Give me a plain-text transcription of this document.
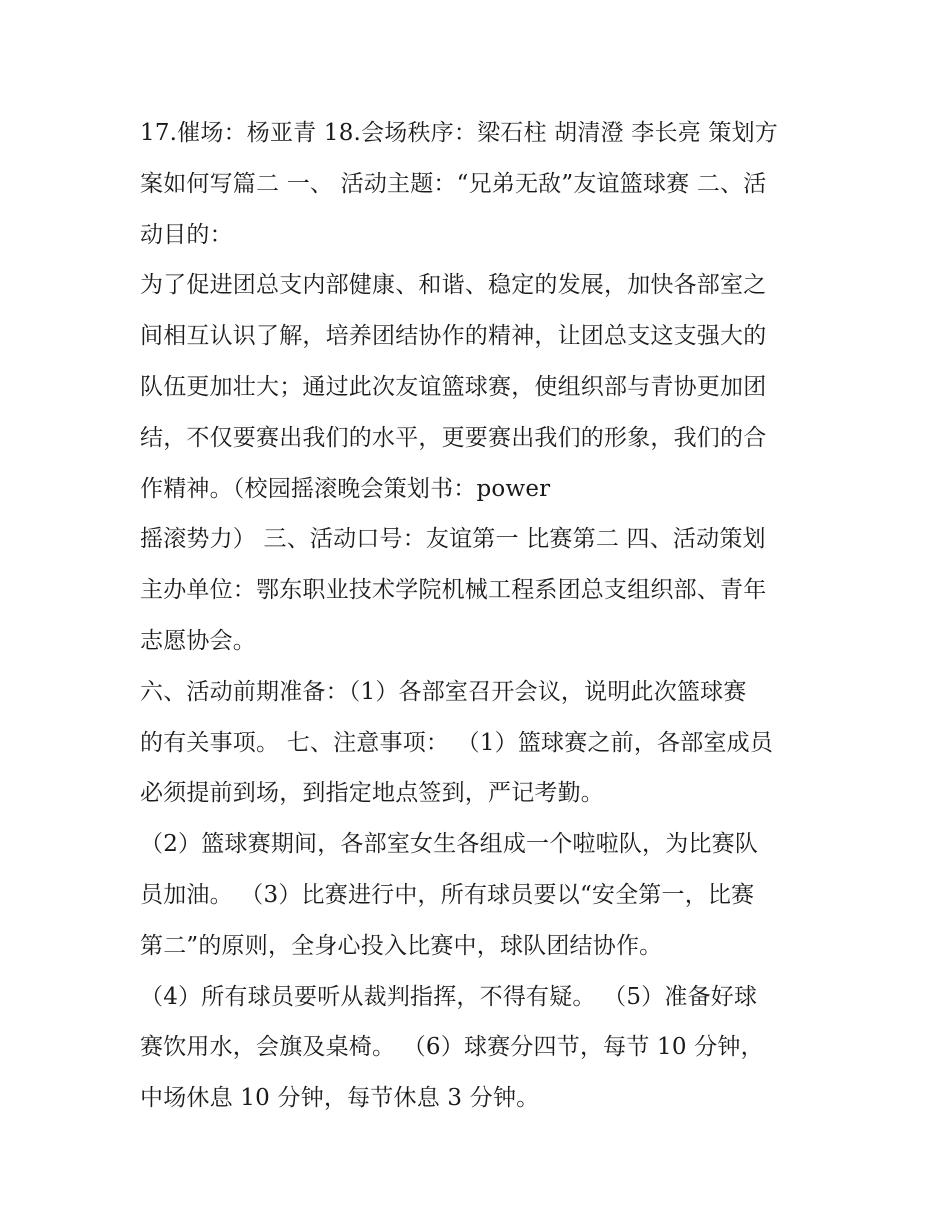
17.催场：杨亚青 18.会场秩序：梁石柱 胡清澄 李长亮 策划方
案如何写篇二 一、 活动主题：“兄弟无敌”友谊篮球赛 二、活
动目的：
为了促进团总支内部健康、和谐、稳定的发展，加快各部室之
间相互认识了解，培养团结协作的精神，让团总支这支强大的
队伍更加壮大；通过此次友谊篮球赛，使组织部与青协更加团
结，不仅要赛出我们的水平，更要赛出我们的形象，我们的合
作精神。（校园摇滚晚会策划书：power
摇滚势力） 三、活动口号：友谊第一 比赛第二 四、活动策划
主办单位：鄂东职业技术学院机械工程系团总支组织部、青年
志愿协会。
六、活动前期准备：（1）各部室召开会议，说明此次篮球赛
的有关事项。 七、注意事项： （1）篮球赛之前，各部室成员
必须提前到场，到指定地点签到，严记考勤。
（2）篮球赛期间，各部室女生各组成一个啦啦队，为比赛队
员加油。 （3）比赛进行中，所有球员要以“安全第一，比赛
第二”的原则，全身心投入比赛中，球队团结协作。
（4）所有球员要听从裁判指挥，不得有疑。 （5）准备好球
赛饮用水，会旗及桌椅。 （6）球赛分四节，每节 10 分钟，
中场休息 10 分钟，每节休息 3 分钟。
